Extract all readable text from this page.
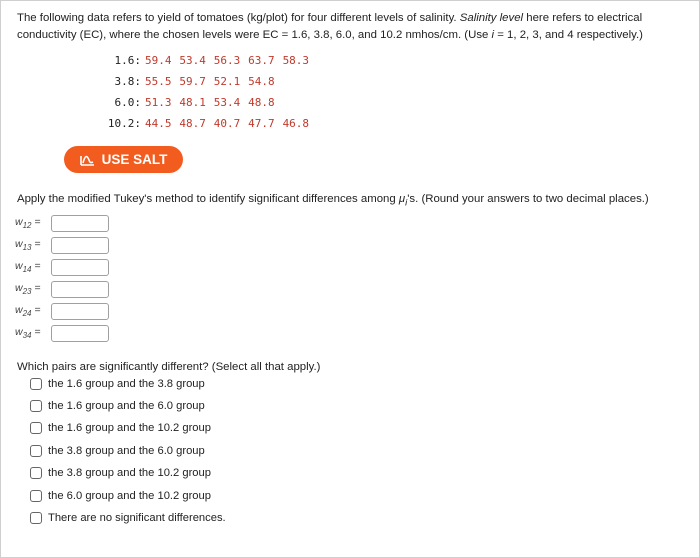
The following data refers to yield of tomatoes (kg/plot) for four different levels of salinity. Salinity level here refers to electrical conductivity (EC), where the chosen levels were EC = 1.6, 3.8, 6.0, and 10.2 nmhos/cm. (Use i = 1, 2, 3, and 4 respectively.)
1.6: 59.4 53.4 56.3 63.7 58.3
3.8: 55.5 59.7 52.1 54.8
6.0: 51.3 48.1 53.4 48.8
10.2: 44.5 48.7 40.7 47.7 46.8
USE SALT
Apply the modified Tukey's method to identify significant differences among $\mu_i's$. (Round your answers to two decimal places.)
$w_{12}$ =
$w_{13}$ =
$w_{14}$ =
$w_{23}$ =
$w_{24}$ =
$w_{34}$ =
Which pairs are significantly different? (Select all that apply.)
the 1.6 group and the 3.8 group
the 1.6 group and the 6.0 group
the 1.6 group and the 10.2 group
the 3.8 group and the 6.0 group
the 3.8 group and the 10.2 group
the 6.0 group and the 10.2 group
There are no significant differences.
